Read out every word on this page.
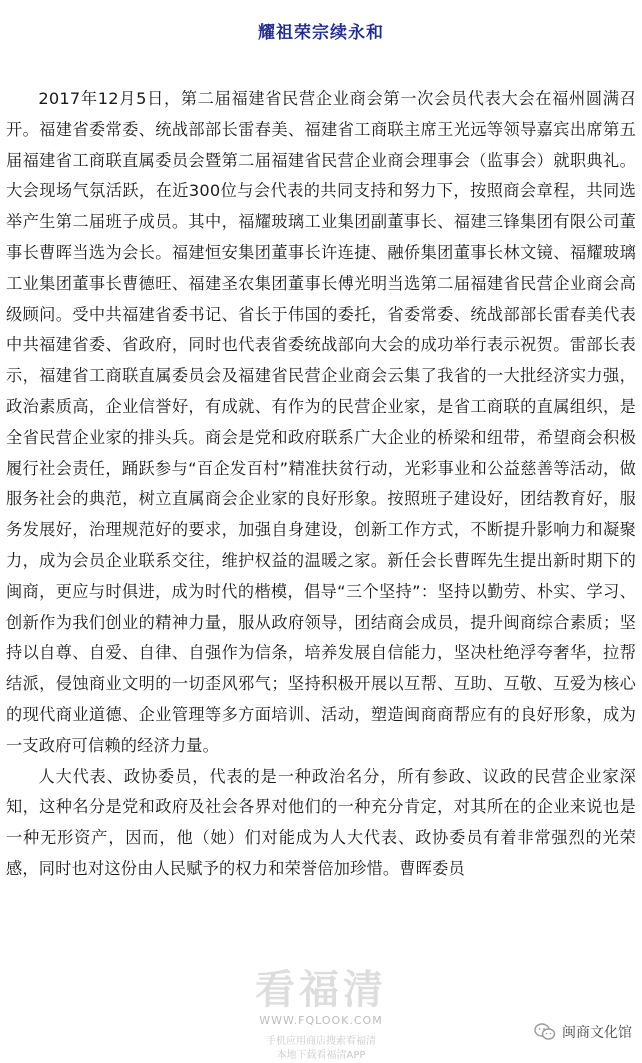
耀祖荣宗续永和

2017年12月5日，第二届福建省民营企业商会第一次会员代表大会在福州圆满召开。福建省委常委、统战部部长雷春美、福建省工商联主席王光远等领导嘉宾出席第五届福建省工商联直属委员会暨第二届福建省民营企业商会理事会（监事会）就职典礼。大会现场气氛活跃，在近300位与会代表的共同支持和努力下，按照商会章程，共同选举产生第二届班子成员。其中，福耀玻璃工业集团副董事长、福建三锋集团有限公司董事长曹晖当选为会长。福建恒安集团董事长许连捷、融侨集团董事长林文镜、福耀玻璃工业集团董事长曹德旺、福建圣农集团董事长傅光明当选第二届福建省民营企业商会高级顾问。受中共福建省委书记、省长于伟国的委托，省委常委、统战部部长雷春美代表中共福建省委、省政府，同时也代表省委统战部向大会的成功举行表示祝贺。雷部长表示，福建省工商联直属委员会及福建省民营企业商会云集了我省的一大批经济实力强，政治素质高，企业信誉好，有成就、有作为的民营企业家，是省工商联的直属组织，是全省民营企业家的排头兵。商会是党和政府联系广大企业的桥梁和纽带，希望商会积极履行社会责任，踊跃参与“百企发百村”精准扶贫行动，光彩事业和公益慈善等活动，做服务社会的典范，树立直属商会企业家的良好形象。按照班子建设好，团结教育好，服务发展好，治理规范好的要求，加强自身建设，创新工作方式，不断提升影响力和凝聚力，成为会员企业联系交往，维护权益的温暖之家。新任会长曹晖先生提出新时期下的闽商，更应与时俱进，成为时代的楷模，倡导“三个坚持”：坚持以勤劳、朴实、学习、创新作为我们创业的精神力量，服从政府领导，团结商会成员，提升闽商综合素质；坚持以自尊、自爱、自律、自强作为信条，培养发展自信能力，坚决杜绝浮夸奢华，拉帮结派，侵蚀商业文明的一切歪风邪气；坚持积极开展以互帮、互助、互敬、互爱为核心的现代商业道德、企业管理等多方面培训、活动，塑造闽商商帮应有的良好形象，成为一支政府可信赖的经济力量。

人大代表、政协委员，代表的是一种政治名分，所有参政、议政的民营企业家深知，这种名分是党和政府及社会各界对他们的一种充分肯定，对其所在的企业来说也是一种无形资产，因而，他（她）们对能成为人大代表、政协委员有着非常强烈的光荣感，同时也对这份由人民赋予的权力和荣誉倍加珍惜。曹晖委员

看福清
WWW.FQLOOK.COM
手机应用商店搜索看福清
本地下载看福清APP
闽商文化馆
